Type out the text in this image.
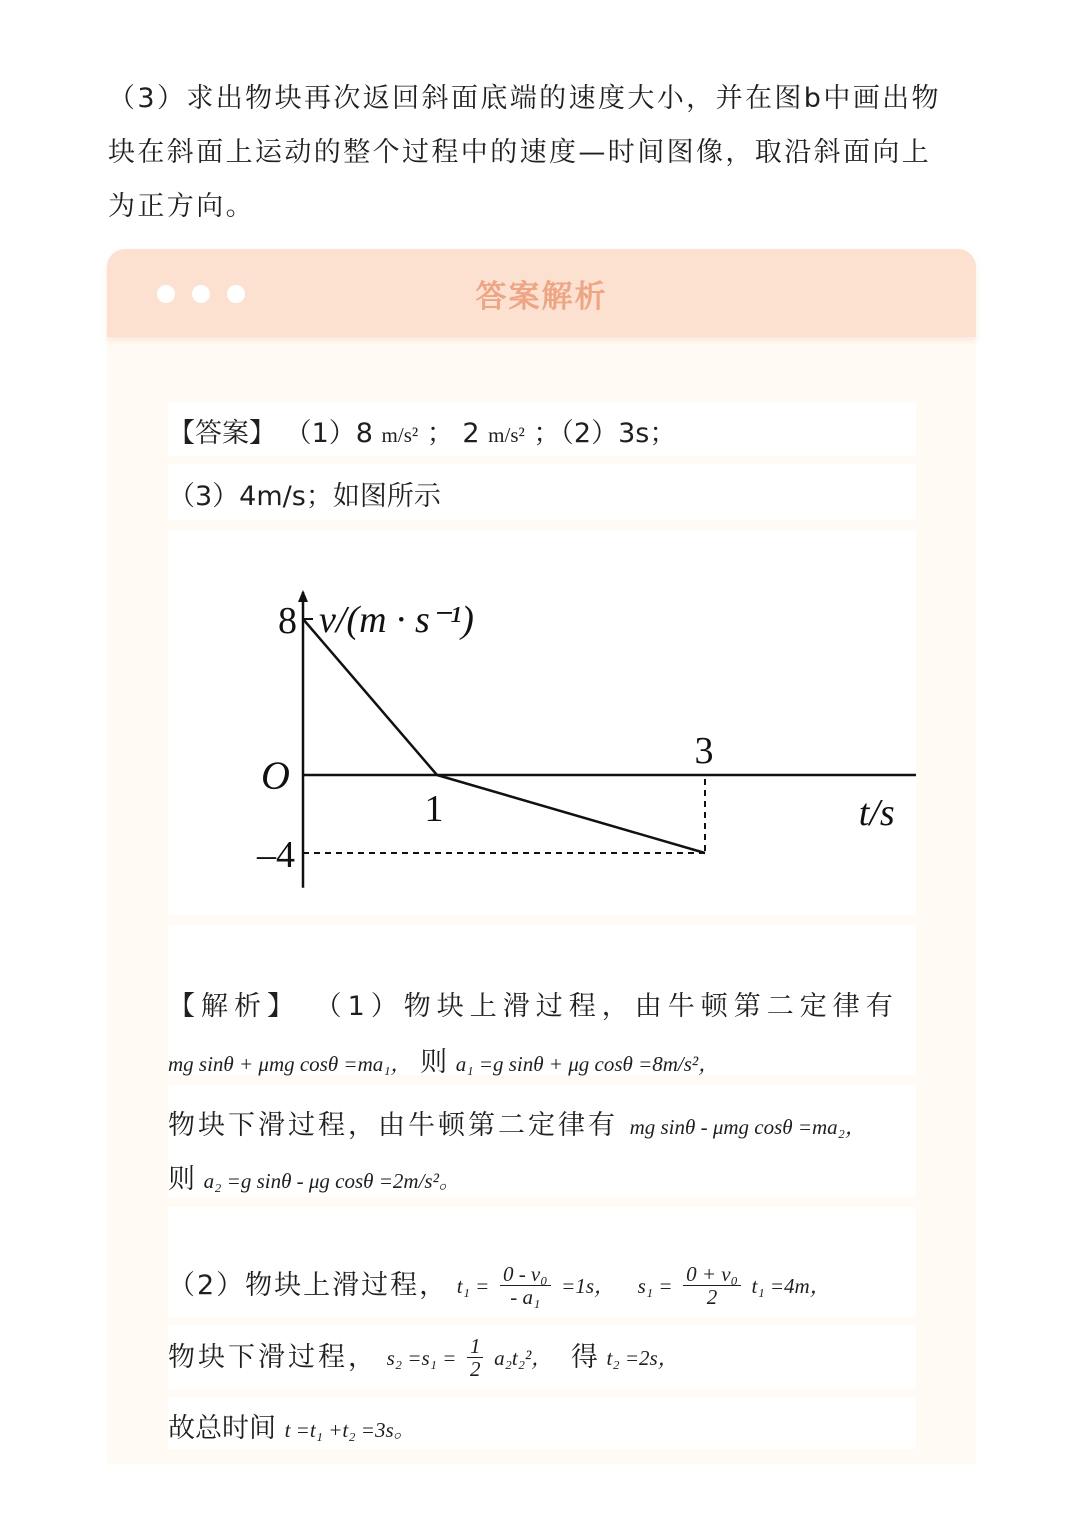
（3）求出物块再次返回斜面底端的速度大小，并在图b中画出物
块在斜面上运动的整个过程中的速度—时间图像，取沿斜面向上
为正方向。
答案解析
【答案】 （1）8 m/s² ； 2 m/s² ；（2）3s；
（3）4m/s；如图所示
v/(m · s⁻¹)
t/s
O
1
3
8
–4
【解析】 （1）物块上滑过程，由牛顿第二定律有
mg sinθ + μmg cosθ =ma₁， 则 a₁ =g sinθ + μg cosθ =8m/s²，
物块下滑过程，由牛顿第二定律有 mg sinθ - μmg cosθ =ma₂，
则 a₂ =g sinθ - μg cosθ =2m/s²。
（2）物块上滑过程， $t_1 = \frac{\text{0 - v₀}}{\text{- a₁}} =1s$， $s_1 = \frac{\text{0 + v₀}}{2} t_1 =4m$，
物块下滑过程， $s_2 =s_1 = \frac{1}{2} a_2t_2^2$， 得 t₂ =2s，
故总时间 t =t₁ +t₂ =3s。
